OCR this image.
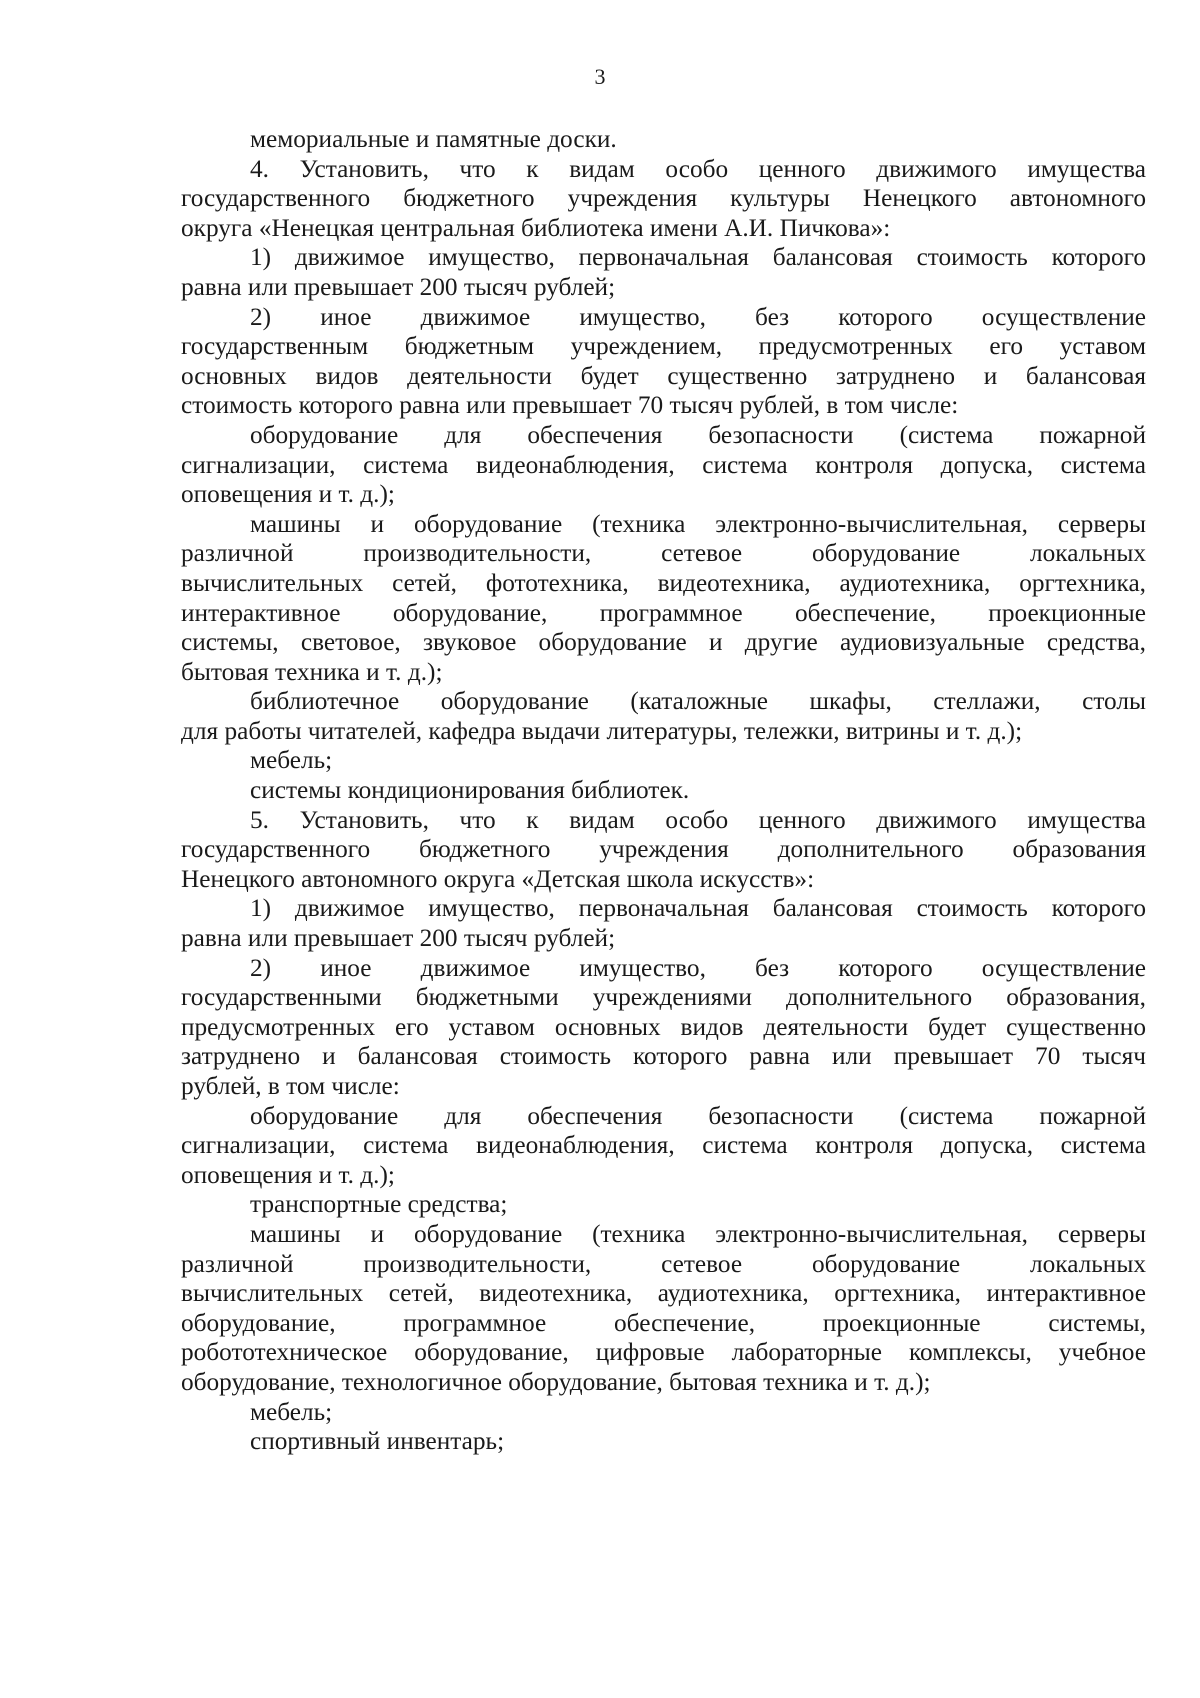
3
мемориальные и памятные доски.
4. Установить, что к видам особо ценного движимого имущества
государственного бюджетного учреждения культуры Ненецкого автономного
округа «Ненецкая центральная библиотека имени А.И. Пичкова»:
1) движимое имущество, первоначальная балансовая стоимость которого
равна или превышает 200 тысяч рублей;
2) иное движимое имущество, без которого осуществление
государственным бюджетным учреждением, предусмотренных его уставом
основных видов деятельности будет существенно затруднено и балансовая
стоимость которого равна или превышает 70 тысяч рублей, в том числе:
оборудование для обеспечения безопасности (система пожарной
сигнализации, система видеонаблюдения, система контроля допуска, система
оповещения и т. д.);
машины и оборудование (техника электронно-вычислительная, серверы
различной производительности, сетевое оборудование локальных
вычислительных сетей, фототехника, видеотехника, аудиотехника, оргтехника,
интерактивное оборудование, программное обеспечение, проекционные
системы, световое, звуковое оборудование и другие аудиовизуальные средства,
бытовая техника и т. д.);
библиотечное оборудование (каталожные шкафы, стеллажи, столы
для работы читателей, кафедра выдачи литературы, тележки, витрины и т. д.);
мебель;
системы кондиционирования библиотек.
5. Установить, что к видам особо ценного движимого имущества
государственного бюджетного учреждения дополнительного образования
Ненецкого автономного округа «Детская школа искусств»:
1) движимое имущество, первоначальная балансовая стоимость которого
равна или превышает 200 тысяч рублей;
2) иное движимое имущество, без которого осуществление
государственными бюджетными учреждениями дополнительного образования,
предусмотренных его уставом основных видов деятельности будет существенно
затруднено и балансовая стоимость которого равна или превышает 70 тысяч
рублей, в том числе:
оборудование для обеспечения безопасности (система пожарной
сигнализации, система видеонаблюдения, система контроля допуска, система
оповещения и т. д.);
транспортные средства;
машины и оборудование (техника электронно-вычислительная, серверы
различной производительности, сетевое оборудование локальных
вычислительных сетей, видеотехника, аудиотехника, оргтехника, интерактивное
оборудование, программное обеспечение, проекционные системы,
робототехническое оборудование, цифровые лабораторные комплексы, учебное
оборудование, технологичное оборудование, бытовая техника и т. д.);
мебель;
спортивный инвентарь;
